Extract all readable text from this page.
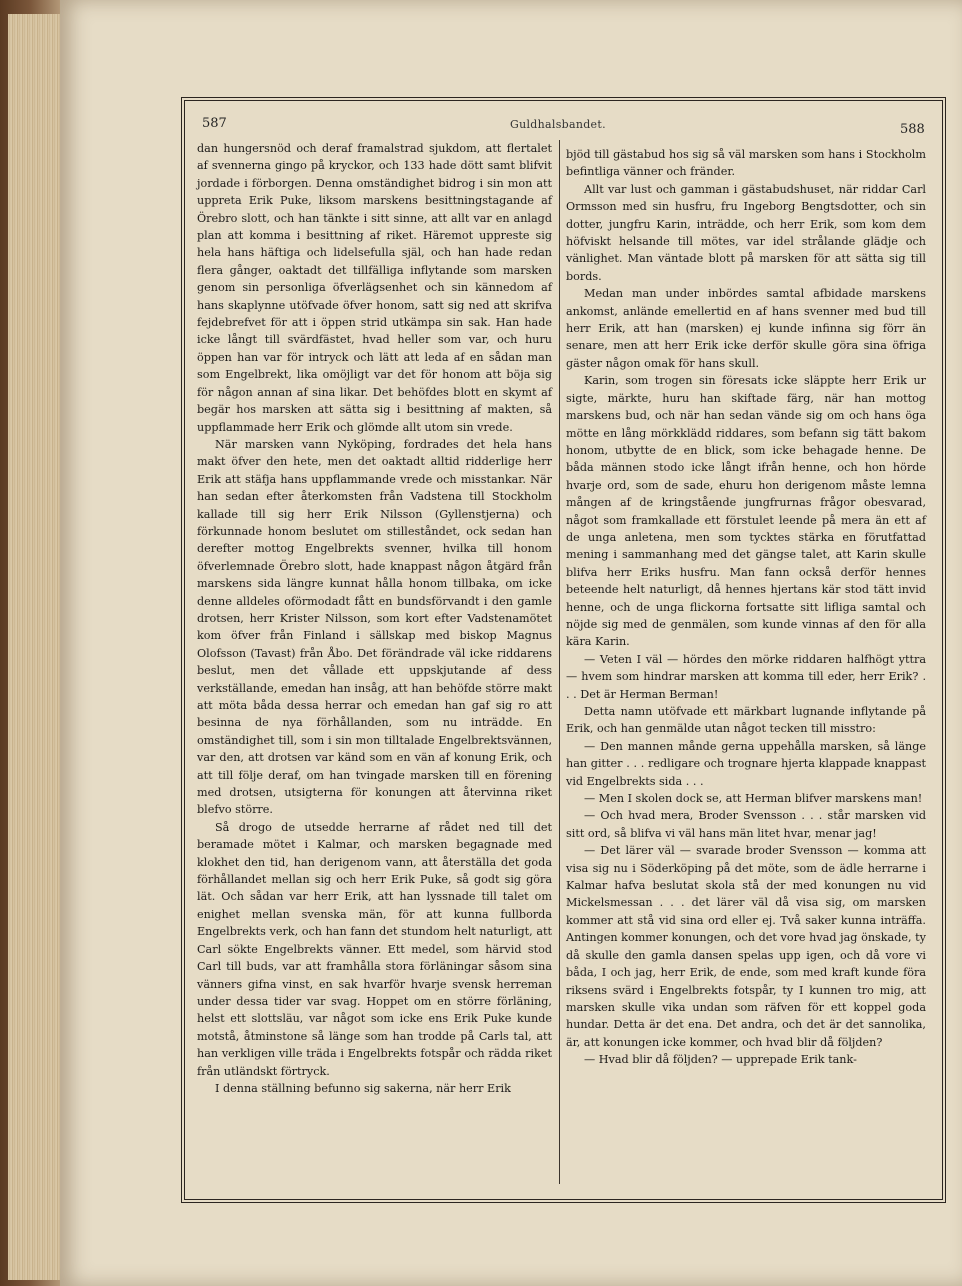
587	Guldhalsbandet.	588

dan hungersnöd och deraf framalstrad sjukdom, att flertalet af svennerna gingo på kryckor, och 133 hade dött samt blifvit jordade i förborgen. Denna omständighet bidrog i sin mon att uppreta Erik Puke, liksom marskens besittningstagande af Örebro slott, och han tänkte i sitt sinne, att allt var en anlagd plan att komma i besittning af riket. Häremot uppreste sig hela hans häftiga och lidelsefulla själ, och han hade redan flera gånger, oaktadt det tillfälliga inflytande som marsken genom sin personliga öfverlägsenhet och sin kännedom af hans skaplynne utöfvade öfver honom, satt sig ned att skrifva fejdebrefvet för att i öppen strid utkämpa sin sak. Han hade icke långt till svärdfästet, hvad heller som var, och huru öppen han var för intryck och lätt att leda af en sådan man som Engelbrekt, lika omöjligt var det för honom att böja sig för någon annan af sina likar. Det behöfdes blott en skymt af begär hos marsken att sätta sig i besittning af makten, så uppflammade herr Erik och glömde allt utom sin vrede.

När marsken vann Nyköping, fordrades det hela hans makt öfver den hete, men det oaktadt alltid ridderlige herr Erik att stäfja hans uppflammande vrede och misstankar. När han sedan efter återkomsten från Vadstena till Stockholm kallade till sig herr Erik Nilsson (Gyllenstjerna) och förkunnade honom beslutet om stilleståndet, ock sedan han derefter mottog Engelbrekts svenner, hvilka till honom öfverlemnade Örebro slott, hade knappast någon åtgärd från marskens sida längre kunnat hålla honom tillbaka, om icke denne alldeles oförmodadt fått en bundsförvandt i den gamle drotsen, herr Krister Nilsson, som kort efter Vadstenamötet kom öfver från Finland i sällskap med biskop Magnus Olofsson (Tavast) från Åbo. Det förändrade väl icke riddarens beslut, men det vållade ett uppskjutande af dess verkställande, emedan han insåg, att han behöfde större makt att möta båda dessa herrar och emedan han gaf sig ro att besinna de nya förhållanden, som nu inträdde. En omständighet till, som i sin mon tilltalade Engelbrektsvännen, var den, att drotsen var känd som en vän af konung Erik, och att till följe deraf, om han tvingade marsken till en förening med drotsen, utsigterna för konungen att återvinna riket blefvo större.

Så drogo de utsedde herrarne af rådet ned till det beramade mötet i Kalmar, och marsken begagnade med klokhet den tid, han derigenom vann, att återställa det goda förhållandet mellan sig och herr Erik Puke, så godt sig göra lät. Och sådan var herr Erik, att han lyssnade till talet om enighet mellan svenska män, för att kunna fullborda Engelbrekts verk, och han fann det stundom helt naturligt, att Carl sökte Engelbrekts vänner. Ett medel, som härvid stod Carl till buds, var att framhålla stora förläningar såsom sina vänners gifna vinst, en sak hvarför hvarje svensk herreman under dessa tider var svag. Hoppet om en större förläning, helst ett slottsläu, var något som icke ens Erik Puke kunde motstå, åtminstone så länge som han trodde på Carls tal, att han verkligen ville träda i Engelbrekts fotspår och rädda riket från utländskt förtryck.

I denna ställning befunno sig sakerna, när herr Erik

bjöd till gästabud hos sig så väl marsken som hans i Stockholm befintliga vänner och fränder.

Allt var lust och gamman i gästabudshuset, när riddar Carl Ormsson med sin husfru, fru Ingeborg Bengtsdotter, och sin dotter, jungfru Karin, inträdde, och herr Erik, som kom dem höfviskt helsande till mötes, var idel strålande glädje och vänlighet. Man väntade blott på marsken för att sätta sig till bords.

Medan man under inbördes samtal afbidade marskens ankomst, anlände emellertid en af hans svenner med bud till herr Erik, att han (marsken) ej kunde infinna sig förr än senare, men att herr Erik icke derför skulle göra sina öfriga gäster någon omak för hans skull.

Karin, som trogen sin föresats icke släppte herr Erik ur sigte, märkte, huru han skiftade färg, när han mottog marskens bud, och när han sedan vände sig om och hans öga mötte en lång mörkklädd riddares, som befann sig tätt bakom honom, utbytte de en blick, som icke behagade henne. De båda männen stodo icke långt ifrån henne, och hon hörde hvarje ord, som de sade, ehuru hon derigenom måste lemna mången af de kringstående jungfrurnas frågor obesvarad, något som framkallade ett förstulet leende på mera än ett af de unga anletena, men som tycktes stärka en förutfattad mening i sammanhang med det gängse talet, att Karin skulle blifva herr Eriks husfru. Man fann också derför hennes beteende helt naturligt, då hennes hjertans kär stod tätt invid henne, och de unga flickorna fortsatte sitt lifliga samtal och nöjde sig med de genmälen, som kunde vinnas af den för alla kära Karin.

— Veten I väl — hördes den mörke riddaren halfhögt yttra — hvem som hindrar marsken att komma till eder, herr Erik? . . . Det är Herman Berman!

Detta namn utöfvade ett märkbart lugnande inflytande på Erik, och han genmälde utan något tecken till misstro:

— Den mannen månde gerna uppehålla marsken, så länge han gitter . . . redligare och trognare hjerta klappade knappast vid Engelbrekts sida . . .

— Men I skolen dock se, att Herman blifver marskens man!

— Och hvad mera, Broder Svensson . . . står marsken vid sitt ord, så blifva vi väl hans män litet hvar, menar jag!

— Det lärer väl — svarade broder Svensson — komma att visa sig nu i Söderköping på det möte, som de ädle herrarne i Kalmar hafva beslutat skola stå der med konungen nu vid Mickelsmessan . . . det lärer väl då visa sig, om marsken kommer att stå vid sina ord eller ej. Två saker kunna inträffa. Antingen kommer konungen, och det vore hvad jag önskade, ty då skulle den gamla dansen spelas upp igen, och då vore vi båda, I och jag, herr Erik, de ende, som med kraft kunde föra riksens svärd i Engelbrekts fotspår, ty I kunnen tro mig, att marsken skulle vika undan som räfven för ett koppel goda hundar. Detta är det ena. Det andra, och det är det sannolika, är, att konungen icke kommer, och hvad blir då följden?

— Hvad blir då följden? — upprepade Erik tank-
